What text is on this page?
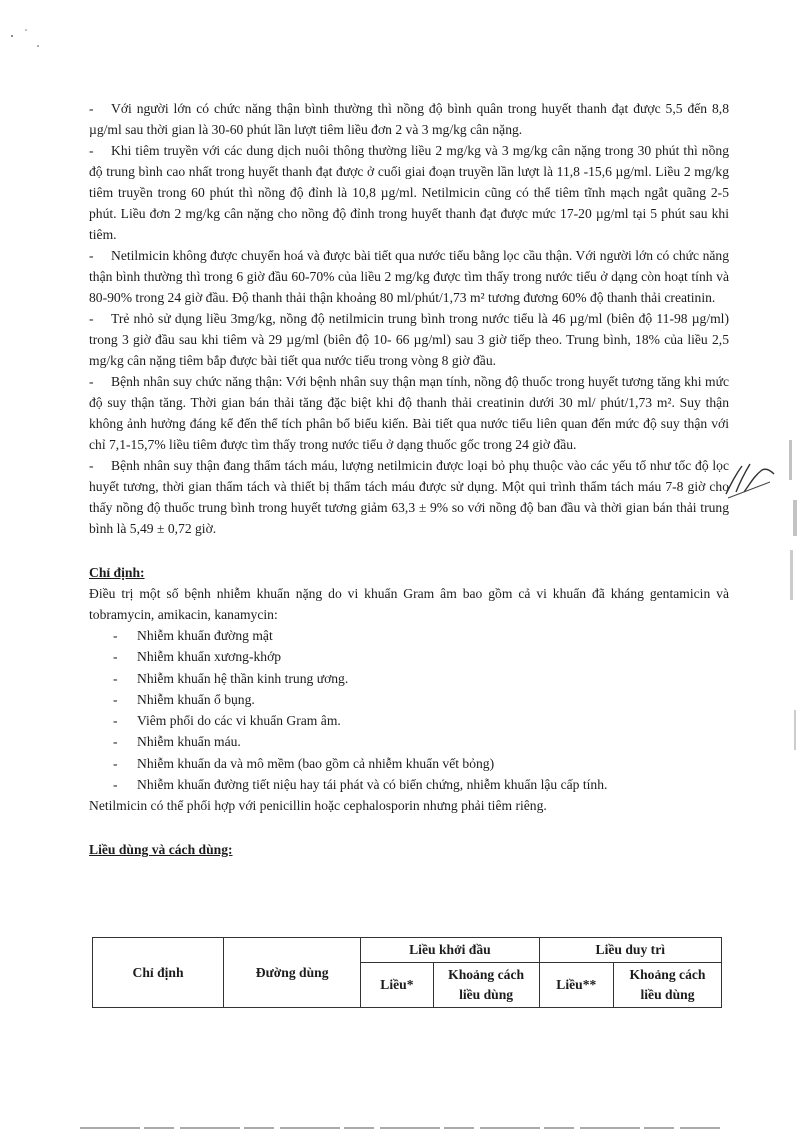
- Với người lớn có chức năng thận bình thường thì nồng độ bình quân trong huyết thanh đạt được 5,5 đến 8,8 µg/ml sau thời gian là 30-60 phút lần lượt tiêm liều đơn 2 và 3 mg/kg cân nặng.

- Khi tiêm truyền với các dung dịch nuôi thông thường liều 2 mg/kg và 3 mg/kg cân nặng trong 30 phút thì nồng độ trung bình cao nhất trong huyết thanh đạt được ở cuối giai đoạn truyền lần lượt là 11,8 -15,6 µg/ml. Liều 2 mg/kg tiêm truyền trong 60 phút thì nồng độ đỉnh là 10,8 µg/ml. Netilmicin cũng có thể tiêm tĩnh mạch ngắt quãng 2-5 phút. Liều đơn 2 mg/kg cân nặng cho nồng độ đỉnh trong huyết thanh đạt được mức 17-20 µg/ml tại 5 phút sau khi tiêm.

- Netilmicin không được chuyển hoá và được bài tiết qua nước tiểu bằng lọc cầu thận. Với người lớn có chức năng thận bình thường thì trong 6 giờ đầu 60-70% của liều 2 mg/kg được tìm thấy trong nước tiểu ở dạng còn hoạt tính và 80-90% trong 24 giờ đầu. Độ thanh thải thận khoảng 80 ml/phút/1,73 m² tương đương 60% độ thanh thải creatinin.

- Trẻ nhỏ sử dụng liều 3mg/kg, nồng độ netilmicin trung bình trong nước tiểu là 46 µg/ml (biên độ 11-98 µg/ml) trong 3 giờ đầu sau khi tiêm và 29 µg/ml (biên độ 10- 66 µg/ml) sau 3 giờ tiếp theo. Trung bình, 18% của liều 2,5 mg/kg cân nặng tiêm bắp được bài tiết qua nước tiểu trong vòng 8 giờ đầu.

- Bệnh nhân suy chức năng thận: Với bệnh nhân suy thận mạn tính, nồng độ thuốc trong huyết tương tăng khi mức độ suy thận tăng. Thời gian bán thải tăng đặc biệt khi độ thanh thải creatinin dưới 30 ml/ phút/1,73 m². Suy thận không ảnh hưởng đáng kể đến thể tích phân bố biểu kiến. Bài tiết qua nước tiểu liên quan đến mức độ suy thận với chỉ 7,1-15,7% liều tiêm được tìm thấy trong nước tiểu ở dạng thuốc gốc trong 24 giờ đầu.

- Bệnh nhân suy thận đang thẩm tách máu, lượng netilmicin được loại bỏ phụ thuộc vào các yếu tố như tốc độ lọc huyết tương, thời gian thẩm tách và thiết bị thẩm tách máu được sử dụng. Một qui trình thẩm tách máu 7-8 giờ cho thấy nồng độ thuốc trung bình trong huyết tương giảm 63,3 ± 9% so với nồng độ ban đầu và thời gian bán thải trung bình là 5,49 ± 0,72 giờ.

Chỉ định:

Điều trị một số bệnh nhiễm khuẩn nặng do vi khuẩn Gram âm bao gồm cả vi khuẩn đã kháng gentamicin và tobramycin, amikacin, kanamycin:

- Nhiễm khuẩn đường mật
- Nhiễm khuẩn xương-khớp
- Nhiễm khuẩn hệ thần kinh trung ương.
- Nhiễm khuẩn ổ bụng.
- Viêm phổi do các vi khuẩn Gram âm.
- Nhiễm khuẩn máu.
- Nhiễm khuẩn da và mô mềm (bao gồm cả nhiễm khuẩn vết bỏng)
- Nhiễm khuẩn đường tiết niệu hay tái phát và có biến chứng, nhiễm khuẩn lậu cấp tính.

Netilmicin có thể phối hợp với penicillin hoặc cephalosporin nhưng phải tiêm riêng.

Liều dùng và cách dùng:

Chỉ định	Đường dùng	Liều khởi đầu		Liều duy trì	
		Liều*	Khoảng cách liều dùng	Liều**	Khoảng cách liều dùng
